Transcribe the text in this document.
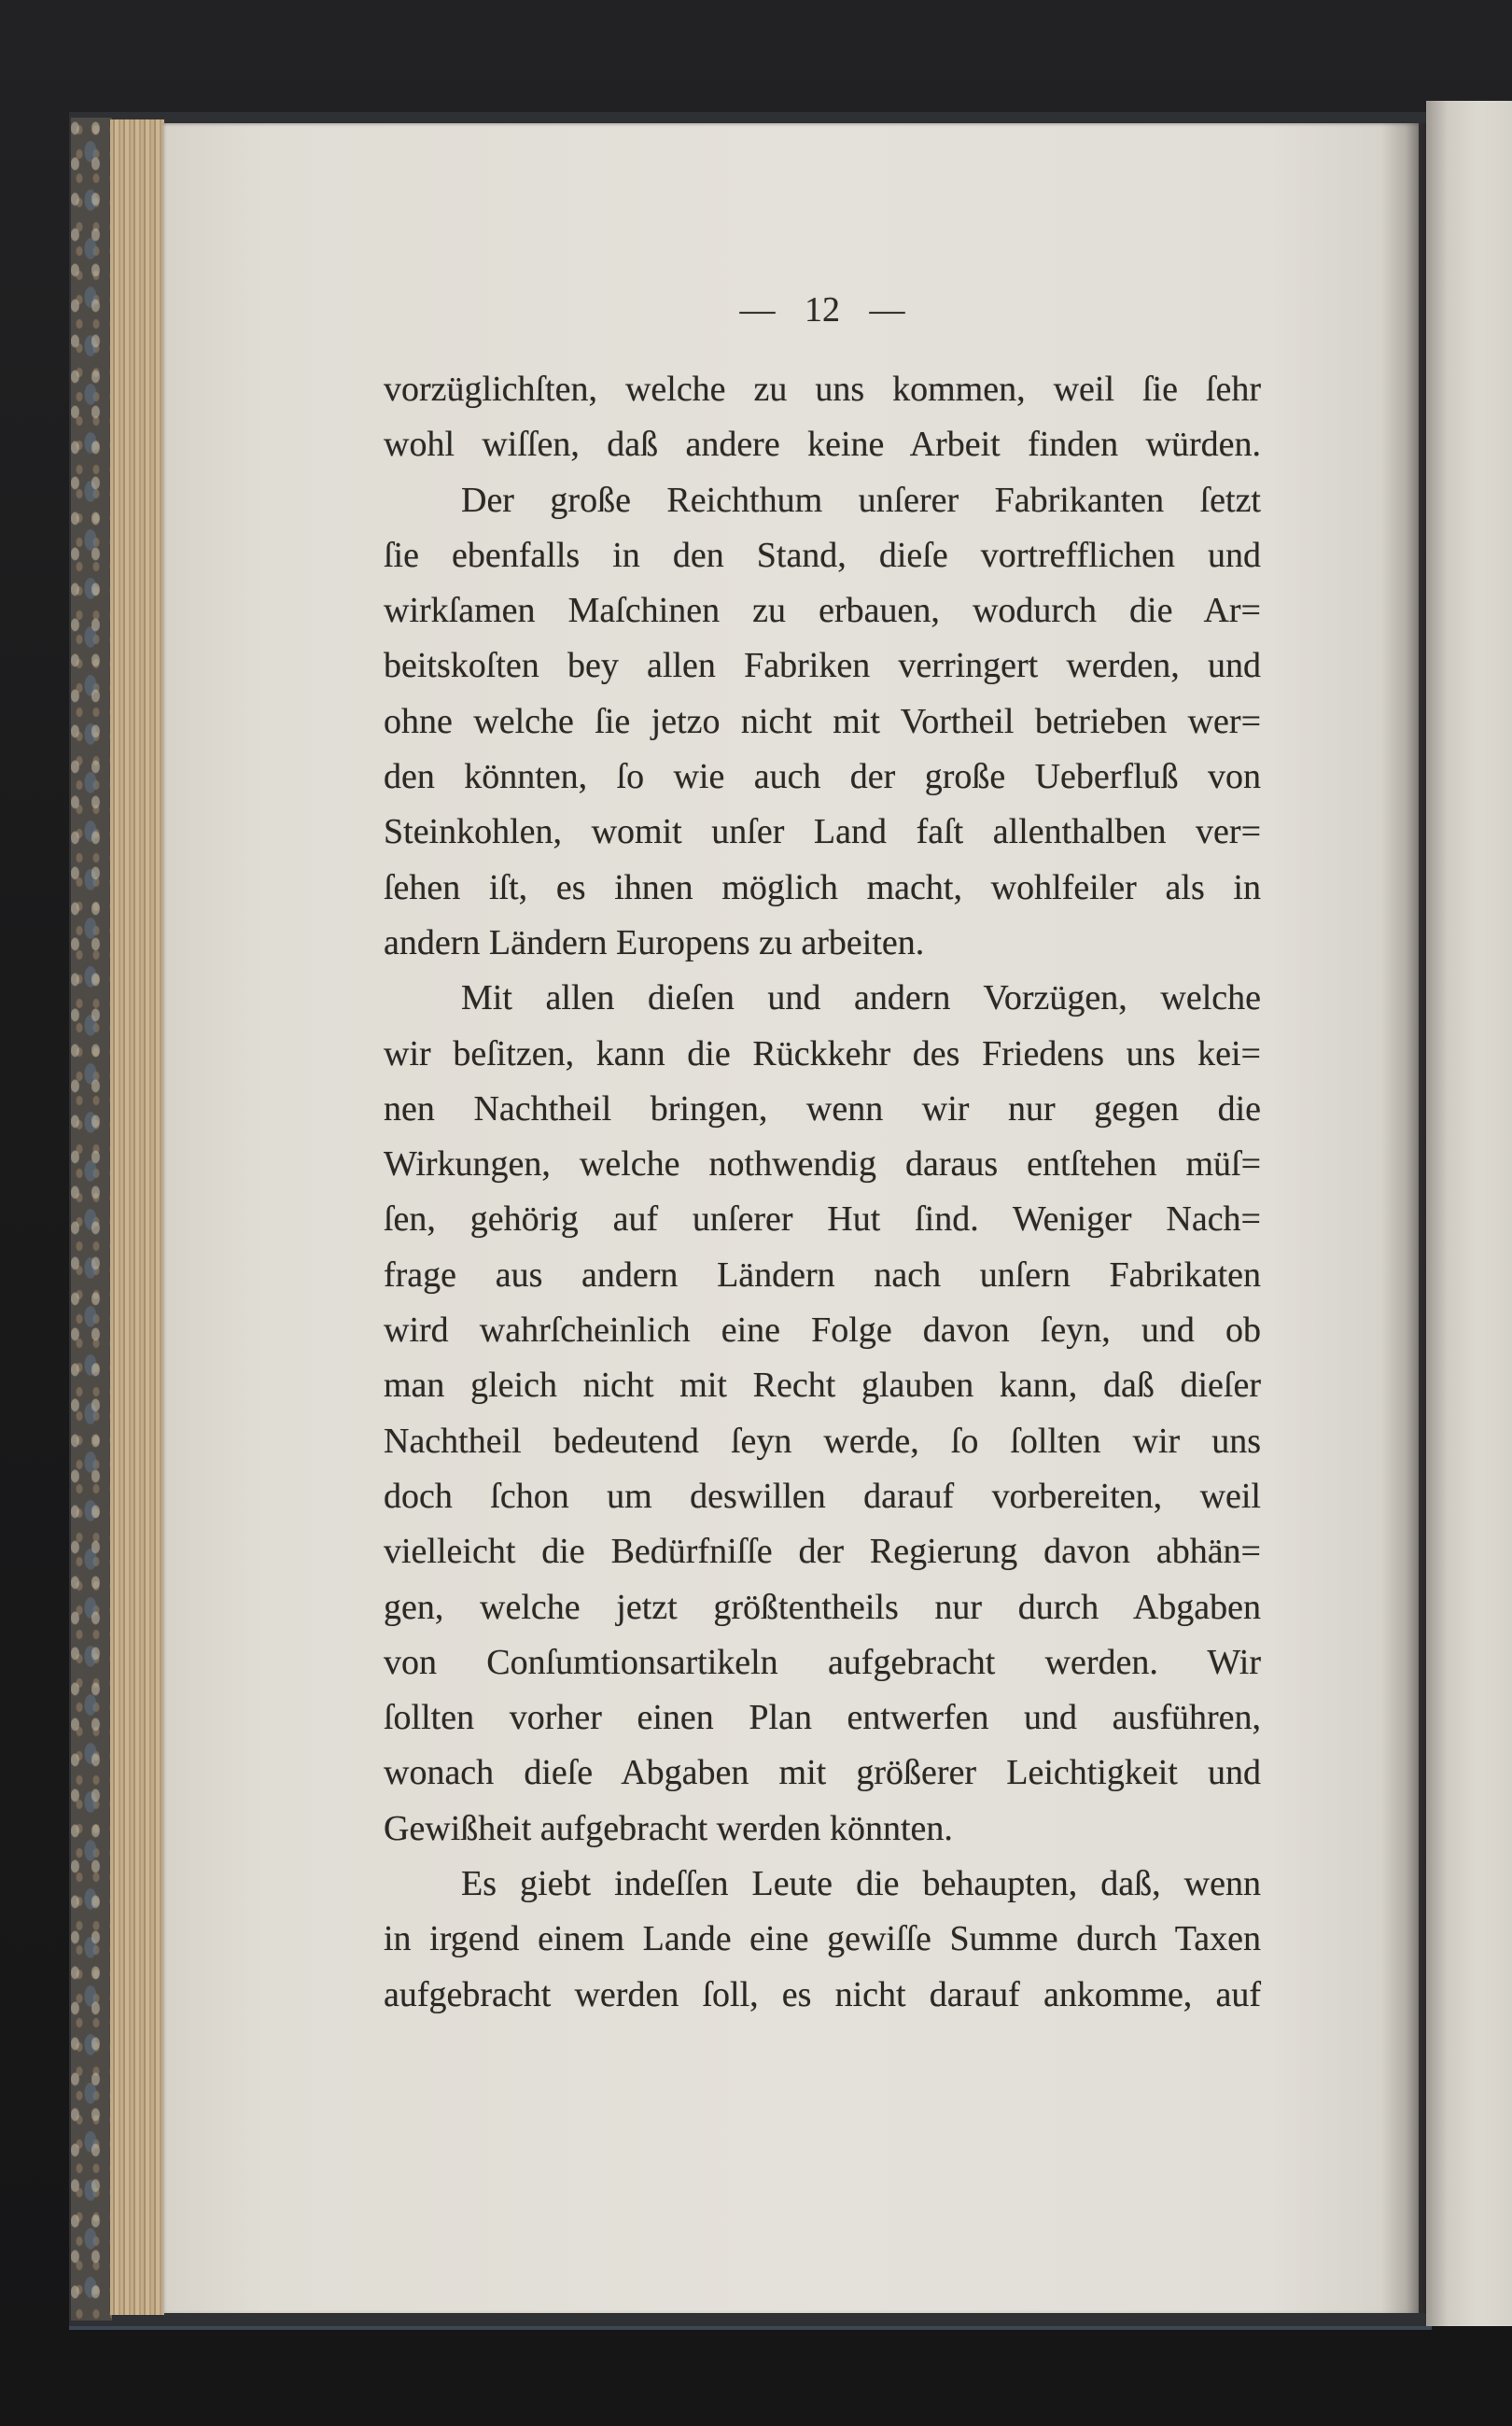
— 12 —
vorzüglichſten, welche zu uns kommen, weil ſie ſehr
wohl wiſſen, daß andere keine Arbeit finden würden.
Der große Reichthum unſerer Fabrikanten ſetzt
ſie ebenfalls in den Stand, dieſe vortrefflichen und
wirkſamen Maſchinen zu erbauen, wodurch die Ar=
beitskoſten bey allen Fabriken verringert werden, und
ohne welche ſie jetzo nicht mit Vortheil betrieben wer=
den könnten, ſo wie auch der große Ueberfluß von
Steinkohlen, womit unſer Land faſt allenthalben ver=
ſehen iſt, es ihnen möglich macht, wohlfeiler als in
andern Ländern Europens zu arbeiten.
Mit allen dieſen und andern Vorzügen, welche
wir beſitzen, kann die Rückkehr des Friedens uns kei=
nen Nachtheil bringen, wenn wir nur gegen die
Wirkungen, welche nothwendig daraus entſtehen müſ=
ſen, gehörig auf unſerer Hut ſind. Weniger Nach=
frage aus andern Ländern nach unſern Fabrikaten
wird wahrſcheinlich eine Folge davon ſeyn, und ob
man gleich nicht mit Recht glauben kann, daß dieſer
Nachtheil bedeutend ſeyn werde, ſo ſollten wir uns
doch ſchon um deswillen darauf vorbereiten, weil
vielleicht die Bedürfniſſe der Regierung davon abhän=
gen, welche jetzt größtentheils nur durch Abgaben
von Conſumtionsartikeln aufgebracht werden. Wir
ſollten vorher einen Plan entwerfen und ausführen,
wonach dieſe Abgaben mit größerer Leichtigkeit und
Gewißheit aufgebracht werden könnten.
Es giebt indeſſen Leute die behaupten, daß, wenn
in irgend einem Lande eine gewiſſe Summe durch Taxen
aufgebracht werden ſoll, es nicht darauf ankomme, auf
